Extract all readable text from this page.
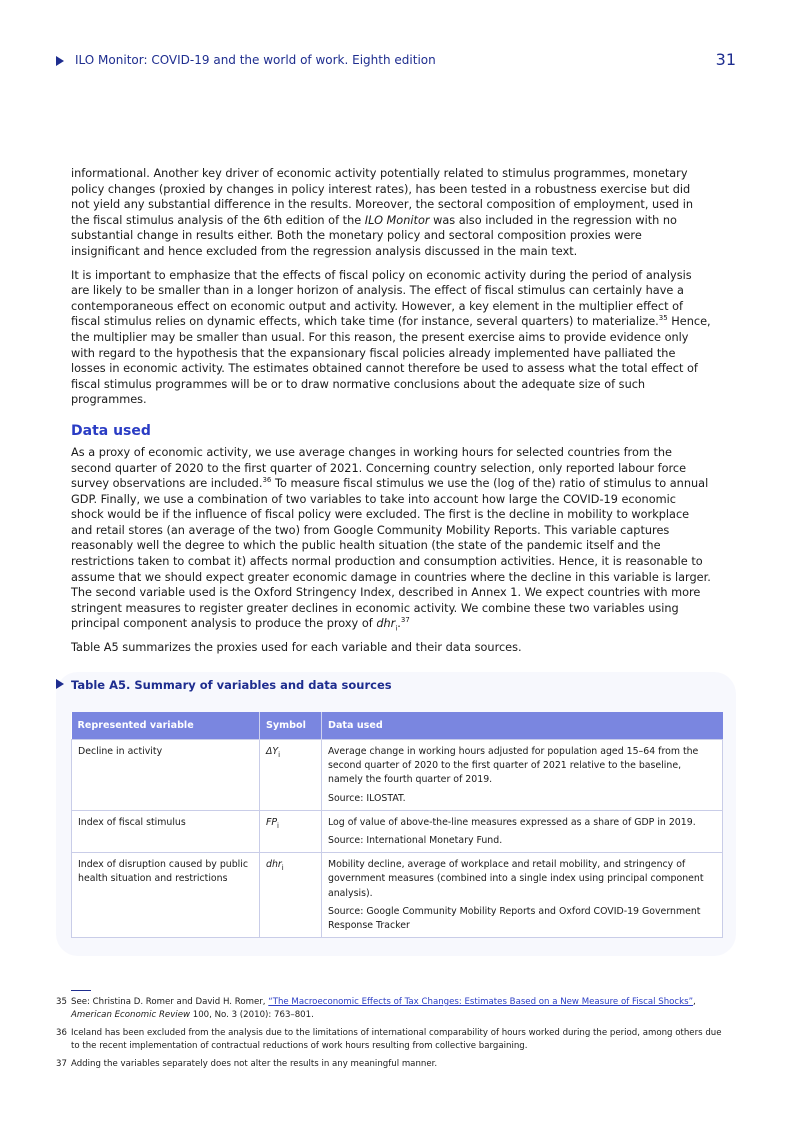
ILO Monitor: COVID-19 and the world of work. Eighth edition	31

informational. Another key driver of economic activity potentially related to stimulus programmes, monetary policy changes (proxied by changes in policy interest rates), has been tested in a robustness exercise but did not yield any substantial difference in the results. Moreover, the sectoral composition of employment, used in the fiscal stimulus analysis of the 6th edition of the ILO Monitor was also included in the regression with no substantial change in results either. Both the monetary policy and sectoral composition proxies were insignificant and hence excluded from the regression analysis discussed in the main text.

It is important to emphasize that the effects of fiscal policy on economic activity during the period of analysis are likely to be smaller than in a longer horizon of analysis. The effect of fiscal stimulus can certainly have a contemporaneous effect on economic output and activity. However, a key element in the multiplier effect of fiscal stimulus relies on dynamic effects, which take time (for instance, several quarters) to materialize.$^{35}$ Hence, the multiplier may be smaller than usual. For this reason, the present exercise aims to provide evidence only with regard to the hypothesis that the expansionary fiscal policies already implemented have palliated the losses in economic activity. The estimates obtained cannot therefore be used to assess what the total effect of fiscal stimulus programmes will be or to draw normative conclusions about the adequate size of such programmes.

Data used

As a proxy of economic activity, we use average changes in working hours for selected countries from the second quarter of 2020 to the first quarter of 2021. Concerning country selection, only reported labour force survey observations are included.$^{36}$ To measure fiscal stimulus we use the (log of the) ratio of stimulus to annual GDP. Finally, we use a combination of two variables to take into account how large the COVID-19 economic shock would be if the influence of fiscal policy were excluded. The first is the decline in mobility to workplace and retail stores (an average of the two) from Google Community Mobility Reports. This variable captures reasonably well the degree to which the public health situation (the state of the pandemic itself and the restrictions taken to combat it) affects normal production and consumption activities. Hence, it is reasonable to assume that we should expect greater economic damage in countries where the decline in this variable is larger. The second variable used is the Oxford Stringency Index, described in Annex 1. We expect countries with more stringent measures to register greater declines in economic activity. We combine these two variables using principal component analysis to produce the proxy of dhr$_i$.$^{37}$

Table A5 summarizes the proxies used for each variable and their data sources.

Table A5. Summary of variables and data sources
Represented variable	Symbol	Data used
Decline in activity	$\Delta Y_i$	Average change in working hours adjusted for population aged 15–64 from the second quarter of 2020 to the first quarter of 2021 relative to the baseline, namely the fourth quarter of 2019.

Source: ILOSTAT.

Index of fiscal stimulus	$FP_i$	Log of value of above-the-line measures expressed as a share of GDP in 2019.

Source: International Monetary Fund.

Index of disruption caused by public health situation and restrictions	dhr$_i$	Mobility decline, average of workplace and retail mobility, and stringency of government measures (combined into a single index using principal component analysis).

Source: Google Community Mobility Reports and Oxford COVID-19 Government Response Tracker

35 See: Christina D. Romer and David H. Romer, “The Macroeconomic Effects of Tax Changes: Estimates Based on a New Measure of Fiscal Shocks”, American Economic Review 100, No. 3 (2010): 763–801.

36 Iceland has been excluded from the analysis due to the limitations of international comparability of hours worked during the period, among others due to the recent implementation of contractual reductions of work hours resulting from collective bargaining.

37 Adding the variables separately does not alter the results in any meaningful manner.
